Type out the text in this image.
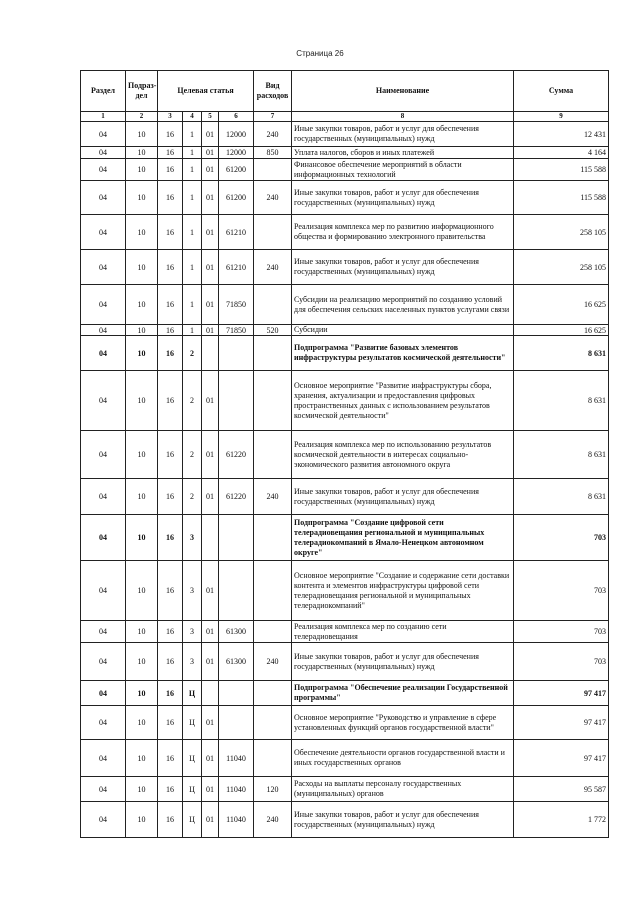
Страница 26
Раздел	Подраз-дел	Целевая статья				Вид расходов	Наименование	Сумма
1	2	3	4	5	6	7	8	9
04	10	16	1	01	12000	240	Иные закупки товаров, работ и услуг для обеспечения государственных (муниципальных) нужд	12 431
04	10	16	1	01	12000	850	Уплата налогов, сборов и иных платежей	4 164
04	10	16	1	01	61200		Финансовое обеспечение мероприятий в области информационных технологий	115 588
04	10	16	1	01	61200	240	Иные закупки товаров, работ и услуг для обеспечения государственных (муниципальных) нужд	115 588
04	10	16	1	01	61210		Реализация комплекса мер по развитию информационного общества и формированию электронного правительства	258 105
04	10	16	1	01	61210	240	Иные закупки товаров, работ и услуг для обеспечения государственных (муниципальных) нужд	258 105
04	10	16	1	01	71850		Субсидии на реализацию мероприятий по созданию условий для обеспечения сельских населенных пунктов услугами связи	16 625
04	10	16	1	01	71850	520	Субсидии	16 625
04	10	16	2				Подпрограмма "Развитие базовых элементов инфраструктуры результатов космической деятельности"	8 631
04	10	16	2	01			Основное мероприятие "Развитие инфраструктуры сбора, хранения, актуализации и предоставления цифровых пространственных данных с использованием результатов космической деятельности"	8 631
04	10	16	2	01	61220		Реализация комплекса мер по использованию результатов космической деятельности в интересах социально-экономического развития автономного округа	8 631
04	10	16	2	01	61220	240	Иные закупки товаров, работ и услуг для обеспечения государственных (муниципальных) нужд	8 631
04	10	16	3				Подпрограмма "Создание цифровой сети телерадиовещания региональной и муниципальных телерадиокомпаний в Ямало-Ненецком автономном округе"	703
04	10	16	3	01			Основное мероприятие "Создание и содержание сети доставки контента и элементов инфраструктуры цифровой сети телерадиовещания региональной и муниципальных телерадиокомпаний"	703
04	10	16	3	01	61300		Реализация комплекса мер по созданию сети телерадиовещания	703
04	10	16	3	01	61300	240	Иные закупки товаров, работ и услуг для обеспечения государственных (муниципальных) нужд	703
04	10	16	Ц				Подпрограмма "Обеспечение реализации Государственной программы"	97 417
04	10	16	Ц	01			Основное мероприятие "Руководство и управление в сфере установленных функций органов государственной власти"	97 417
04	10	16	Ц	01	11040		Обеспечение деятельности органов государственной власти и иных государственных органов	97 417
04	10	16	Ц	01	11040	120	Расходы на выплаты персоналу государственных (муниципальных) органов	95 587
04	10	16	Ц	01	11040	240	Иные закупки товаров, работ и услуг для обеспечения государственных (муниципальных) нужд	1 772
